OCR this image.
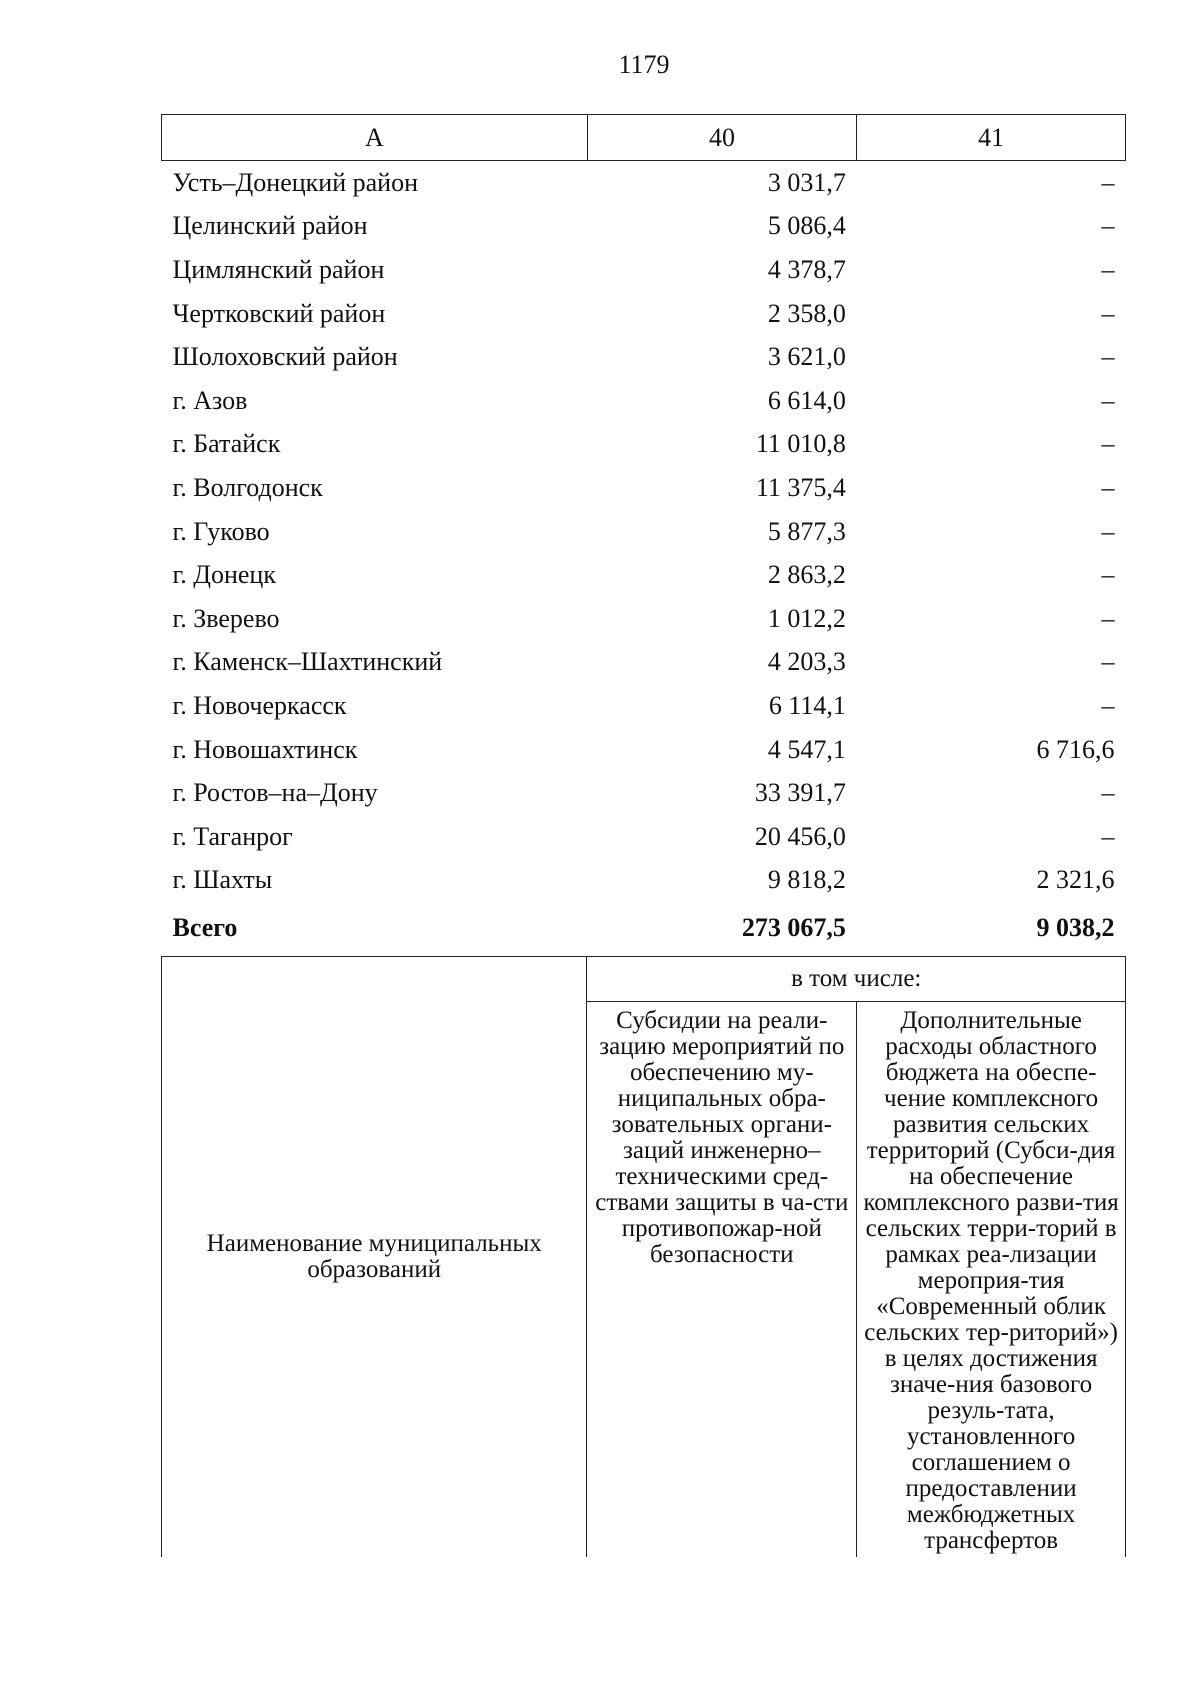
1179
А	40	41
Усть–Донецкий район	3 031,7	–
Целинский район	5 086,4	–
Цимлянский район	4 378,7	–
Чертковский район	2 358,0	–
Шолоховский район	3 621,0	–
г. Азов	6 614,0	–
г. Батайск	11 010,8	–
г. Волгодонск	11 375,4	–
г. Гуково	5 877,3	–
г. Донецк	2 863,2	–
г. Зверево	1 012,2	–
г. Каменск–Шахтинский	4 203,3	–
г. Новочеркасск	6 114,1	–
г. Новошахтинск	4 547,1	6 716,6
г. Ростов–на–Дону	33 391,7	–
г. Таганрог	20 456,0	–
г. Шахты	9 818,2	2 321,6
Всего	273 067,5	9 038,2
Наименование муниципальных образований	в том числе:	
	Субсидии на реали-зацию мероприятий по обеспечению му-ниципальных обра-зовательных органи-заций инженерно–техническими сред-ствами защиты в ча-сти противопожар-ной безопасности	Дополнительные расходы областного бюджета на обеспе-чение комплексного развития сельских территорий (Субси-дия на обеспечение комплексного разви-тия сельских терри-торий в рамках реа-лизации мероприя-тия «Современный облик сельских тер-риторий») в целях достижения значе-ния базового резуль-тата, установленного соглашением о предоставлении межбюджетных трансфертов
